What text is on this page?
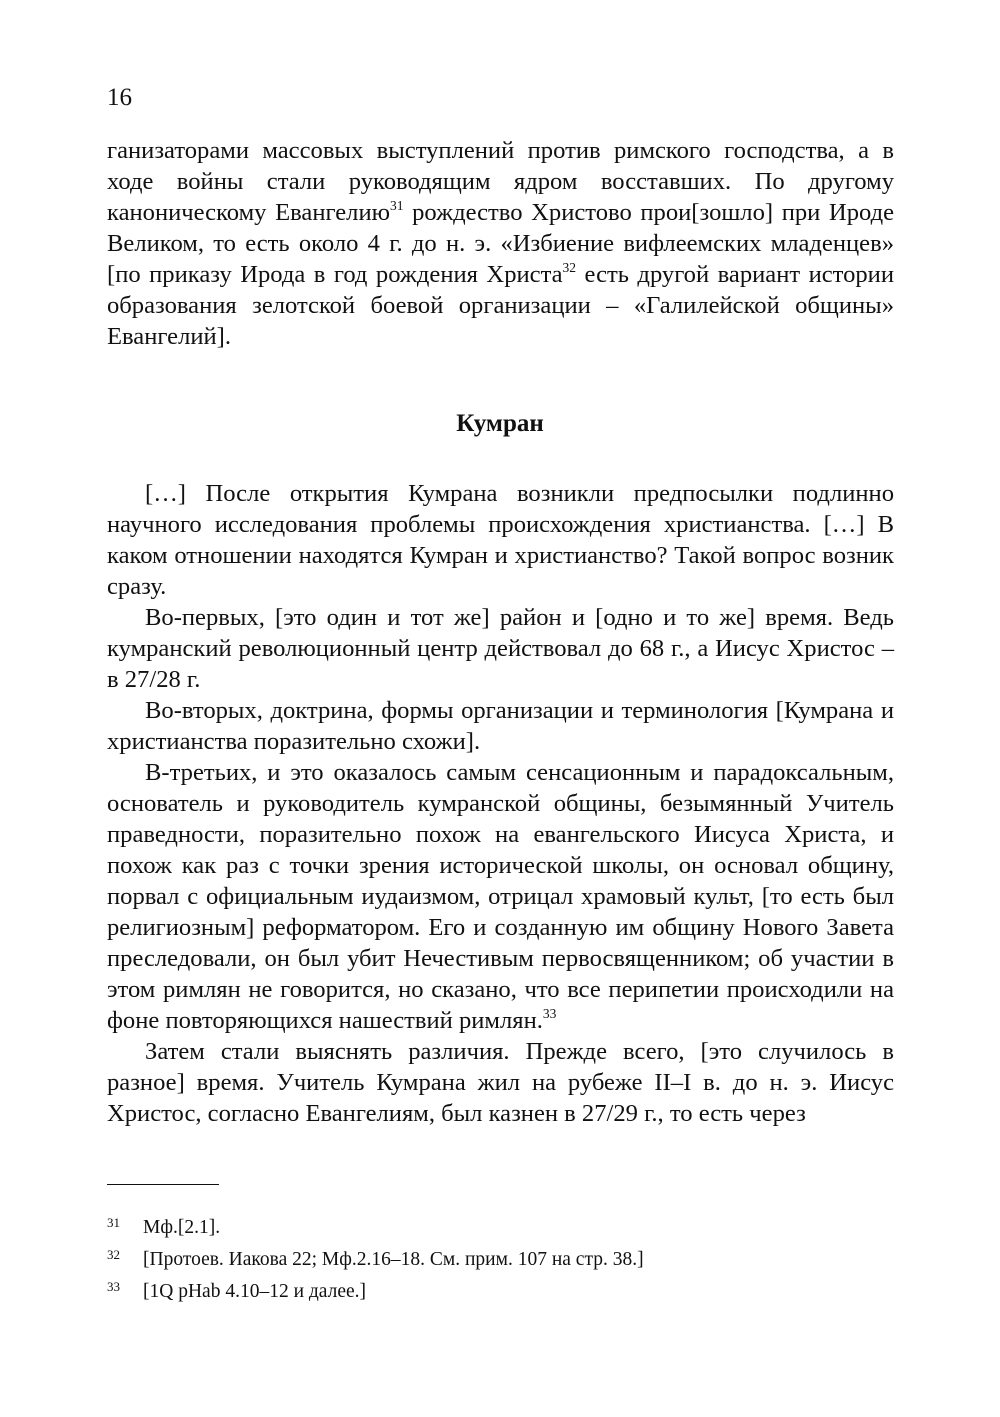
16

ганизаторами массовых выступлений против римского господства, а в ходе войны стали руководящим ядром восставших. По другому каноническому Евангелию$^{31}$ рождество Христово прои[зошло] при Ироде Великом, то есть около 4 г. до н. э. «Избиение вифлеемских младенцев» [по приказу Ирода в год рождения Христа$^{32}$ есть другой вариант истории образования зелотской боевой организации – «Галилейской общины» Евангелий].

Кумран

[…] После открытия Кумрана возникли предпосылки подлинно научного исследования проблемы происхождения христианства. […] В каком отношении находятся Кумран и христианство? Такой вопрос возник сразу.

Во-первых, [это один и тот же] район и [одно и то же] время. Ведь кумранский революционный центр действовал до 68 г., а Иисус Христос – в 27/28 г.

Во-вторых, доктрина, формы организации и терминология [Кумрана и христианства поразительно схожи].

В-третьих, и это оказалось самым сенсационным и парадоксальным, основатель и руководитель кумранской общины, безымянный Учитель праведности, поразительно похож на евангельского Иисуса Христа, и похож как раз с точки зрения исторической школы, он основал общину, порвал с официальным иудаизмом, отрицал храмовый культ, [то есть был религиозным] реформатором. Его и созданную им общину Нового Завета преследовали, он был убит Нечестивым первосвященником; об участии в этом римлян не говорится, но сказано, что все перипетии происходили на фоне повторяющихся нашествий римлян.$^{33}$

Затем стали выяснять различия. Прежде всего, [это случилось в разное] время. Учитель Кумрана жил на рубеже II–I в. до н. э. Иисус Христос, согласно Евангелиям, был казнен в 27/29 г., то есть через

31 Мф.[2.1].
32 [Протоев. Иакова 22; Мф.2.16–18. См. прим. 107 на стр. 38.]
33 [1Q pHab 4.10–12 и далее.]
